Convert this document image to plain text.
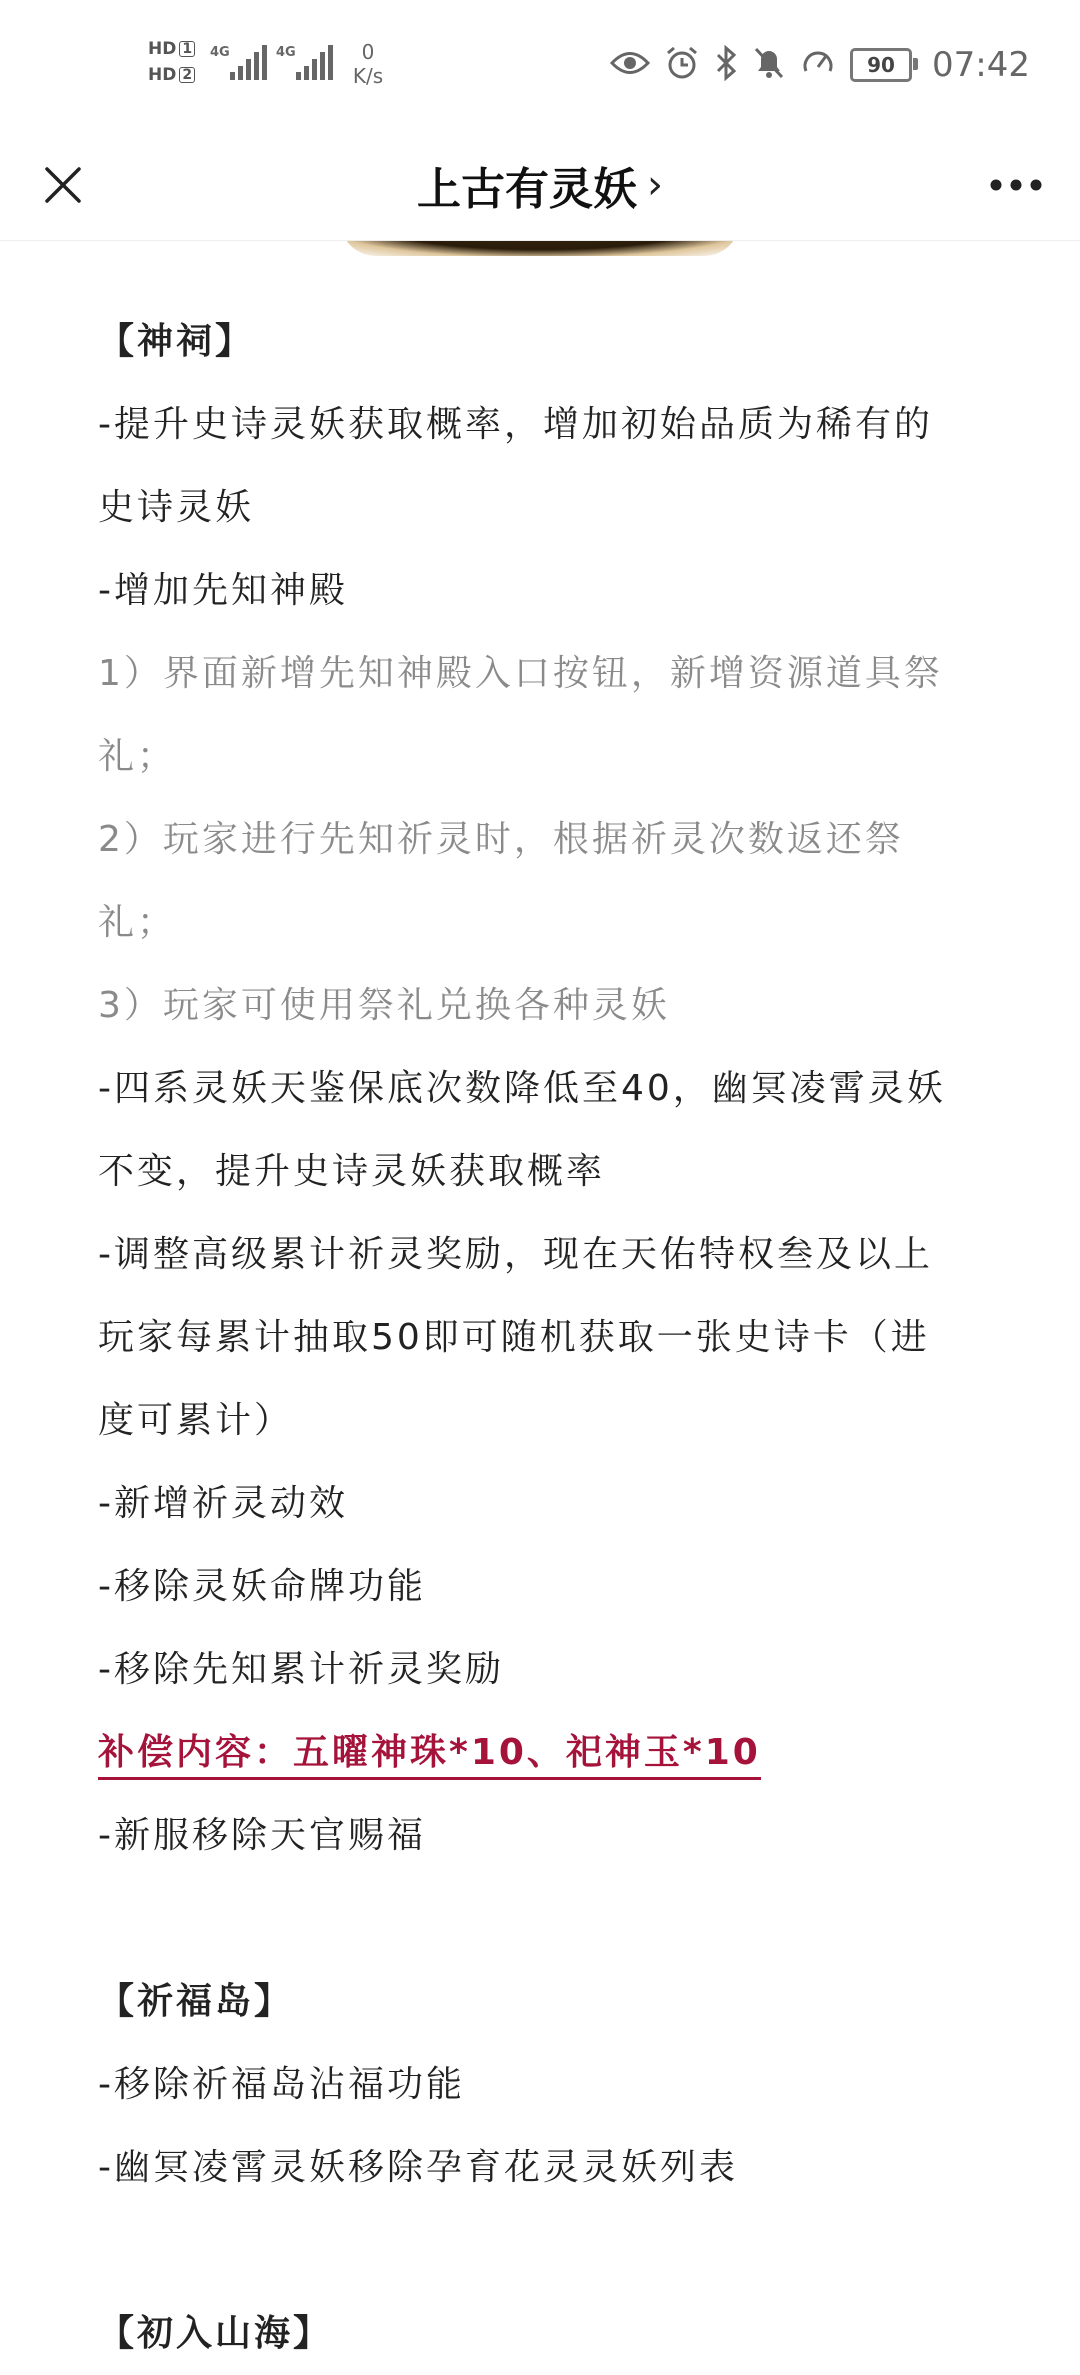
HD 1
HD 2
4G	4G	0
K/s	90 07:42
上古有灵妖 ›
【神祠】
-提升史诗灵妖获取概率，增加初始品质为稀有的
史诗灵妖
-增加先知神殿
1）界面新增先知神殿入口按钮，新增资源道具祭
礼；
2）玩家进行先知祈灵时，根据祈灵次数返还祭
礼；
3）玩家可使用祭礼兑换各种灵妖
-四系灵妖天鉴保底次数降低至40，幽冥凌霄灵妖
不变，提升史诗灵妖获取概率
-调整高级累计祈灵奖励，现在天佑特权叁及以上
玩家每累计抽取50即可随机获取一张史诗卡（进
度可累计）
-新增祈灵动效
-移除灵妖命牌功能
-移除先知累计祈灵奖励
补偿内容：五曜神珠*10、祀神玉*10
-新服移除天官赐福
【祈福岛】
-移除祈福岛沾福功能
-幽冥凌霄灵妖移除孕育花灵灵妖列表
【初入山海】
